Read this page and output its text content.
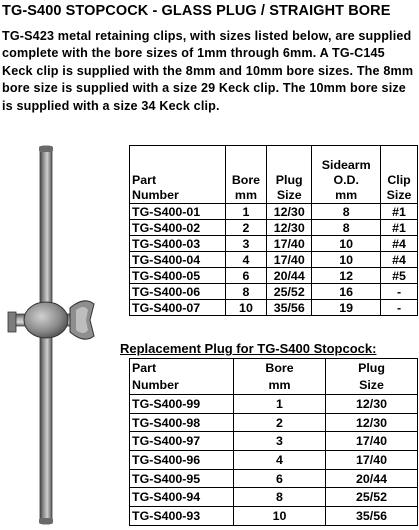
TG-S400 STOPCOCK - GLASS PLUG / STRAIGHT BORE
TG-S423 metal retaining clips, with sizes listed below, are supplied complete with the bore sizes of 1mm through 6mm. A TG-C145 Keck clip is supplied with the 8mm and 10mm bore sizes. The 8mm bore size is supplied with a size 29 Keck clip. The 10mm bore size is supplied with a size 34 Keck clip.
Part
Number	Bore
mm	Plug
Size	Sidearm
O.D.
mm	Clip
Size
TG-S400-01	1	12/30	8	#1
TG-S400-02	2	12/30	8	#1
TG-S400-03	3	17/40	10	#4
TG-S400-04	4	17/40	10	#4
TG-S400-05	6	20/44	12	#5
TG-S400-06	8	25/52	16	-
TG-S400-07	10	35/56	19	-
Replacement Plug for TG-S400 Stopcock:
Part
Number	Bore
mm	Plug
Size
TG-S400-99	1	12/30
TG-S400-98	2	12/30
TG-S400-97	3	17/40
TG-S400-96	4	17/40
TG-S400-95	6	20/44
TG-S400-94	8	25/52
TG-S400-93	10	35/56
